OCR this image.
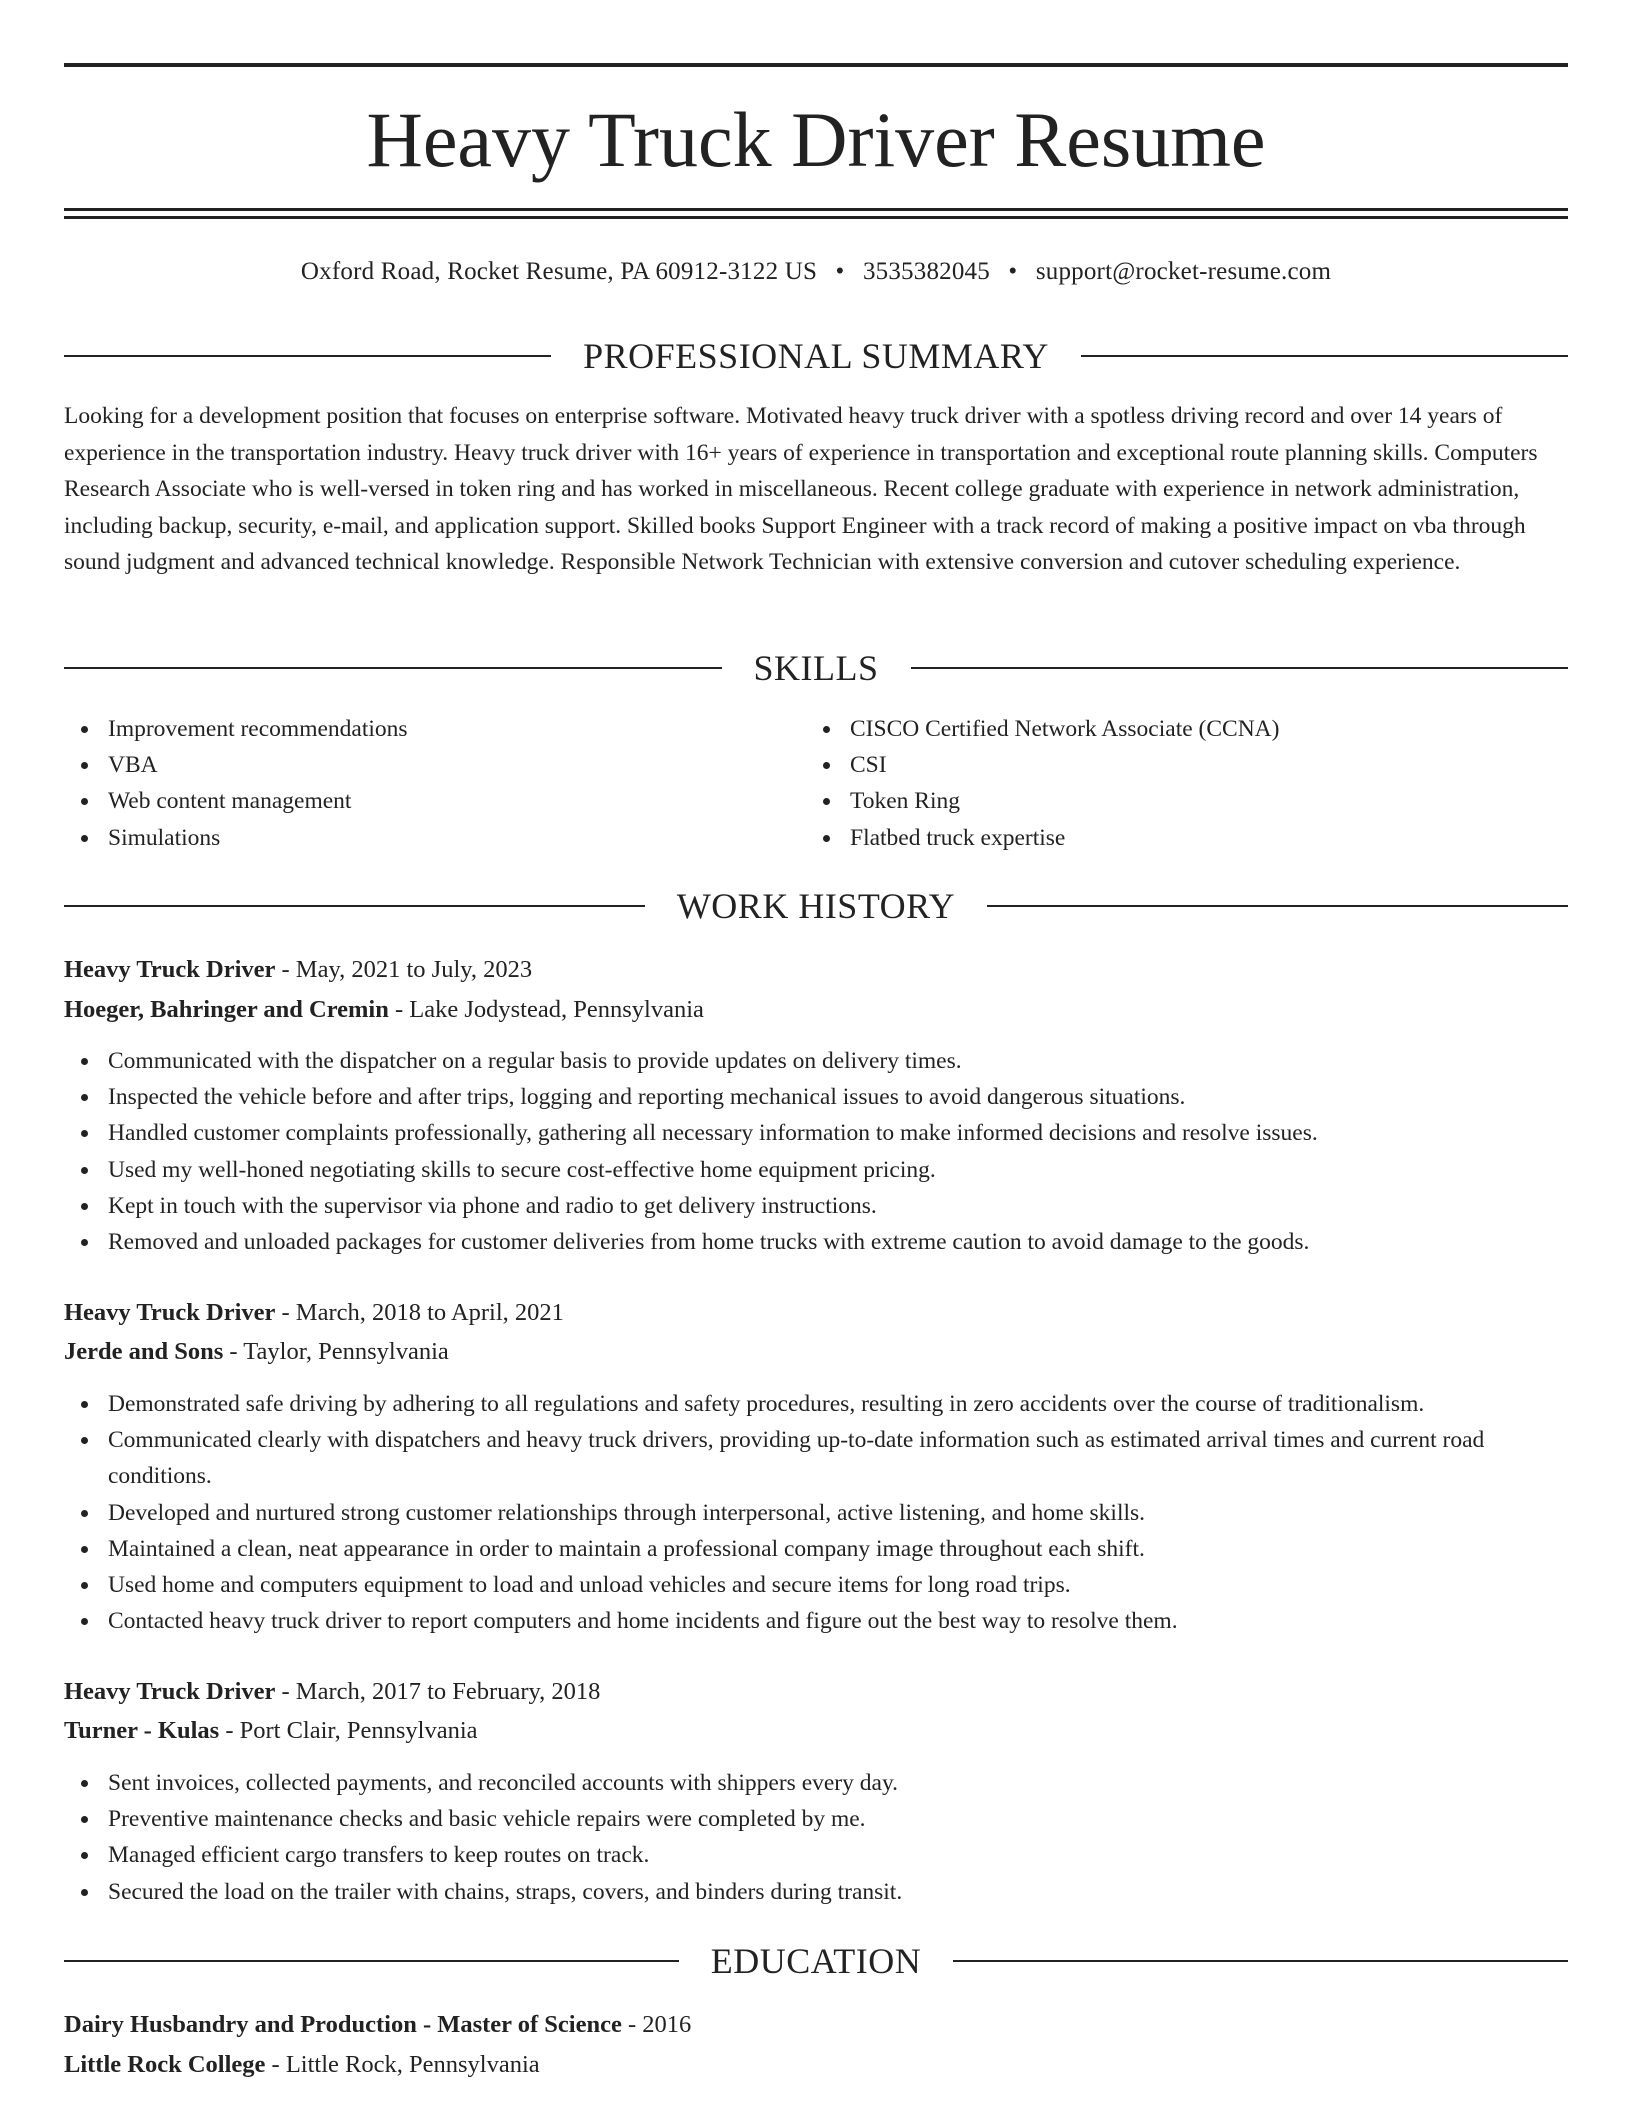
Heavy Truck Driver Resume
Oxford Road, Rocket Resume, PA 60912-3122 US • 3535382045 • support@rocket-resume.com
PROFESSIONAL SUMMARY

Looking for a development position that focuses on enterprise software. Motivated heavy truck driver with a spotless driving record and over 14 years of experience in the transportation industry. Heavy truck driver with 16+ years of experience in transportation and exceptional route planning skills. Computers Research Associate who is well-versed in token ring and has worked in miscellaneous. Recent college graduate with experience in network administration, including backup, security, e-mail, and application support. Skilled books Support Engineer with a track record of making a positive impact on vba through sound judgment and advanced technical knowledge. Responsible Network Technician with extensive conversion and cutover scheduling experience.

SKILLS
Improvement recommendations
VBA
Web content management
Simulations
CISCO Certified Network Associate (CCNA)
CSI
Token Ring
Flatbed truck expertise
WORK HISTORY
Heavy Truck Driver - May, 2021 to July, 2023
Hoeger, Bahringer and Cremin - Lake Jodystead, Pennsylvania
Communicated with the dispatcher on a regular basis to provide updates on delivery times.
Inspected the vehicle before and after trips, logging and reporting mechanical issues to avoid dangerous situations.
Handled customer complaints professionally, gathering all necessary information to make informed decisions and resolve issues.
Used my well-honed negotiating skills to secure cost-effective home equipment pricing.
Kept in touch with the supervisor via phone and radio to get delivery instructions.
Removed and unloaded packages for customer deliveries from home trucks with extreme caution to avoid damage to the goods.
Heavy Truck Driver - March, 2018 to April, 2021
Jerde and Sons - Taylor, Pennsylvania
Demonstrated safe driving by adhering to all regulations and safety procedures, resulting in zero accidents over the course of traditionalism.
Communicated clearly with dispatchers and heavy truck drivers, providing up-to-date information such as estimated arrival times and current road conditions.
Developed and nurtured strong customer relationships through interpersonal, active listening, and home skills.
Maintained a clean, neat appearance in order to maintain a professional company image throughout each shift.
Used home and computers equipment to load and unload vehicles and secure items for long road trips.
Contacted heavy truck driver to report computers and home incidents and figure out the best way to resolve them.
Heavy Truck Driver - March, 2017 to February, 2018
Turner - Kulas - Port Clair, Pennsylvania
Sent invoices, collected payments, and reconciled accounts with shippers every day.
Preventive maintenance checks and basic vehicle repairs were completed by me.
Managed efficient cargo transfers to keep routes on track.
Secured the load on the trailer with chains, straps, covers, and binders during transit.
EDUCATION
Dairy Husbandry and Production - Master of Science - 2016
Little Rock College - Little Rock, Pennsylvania
